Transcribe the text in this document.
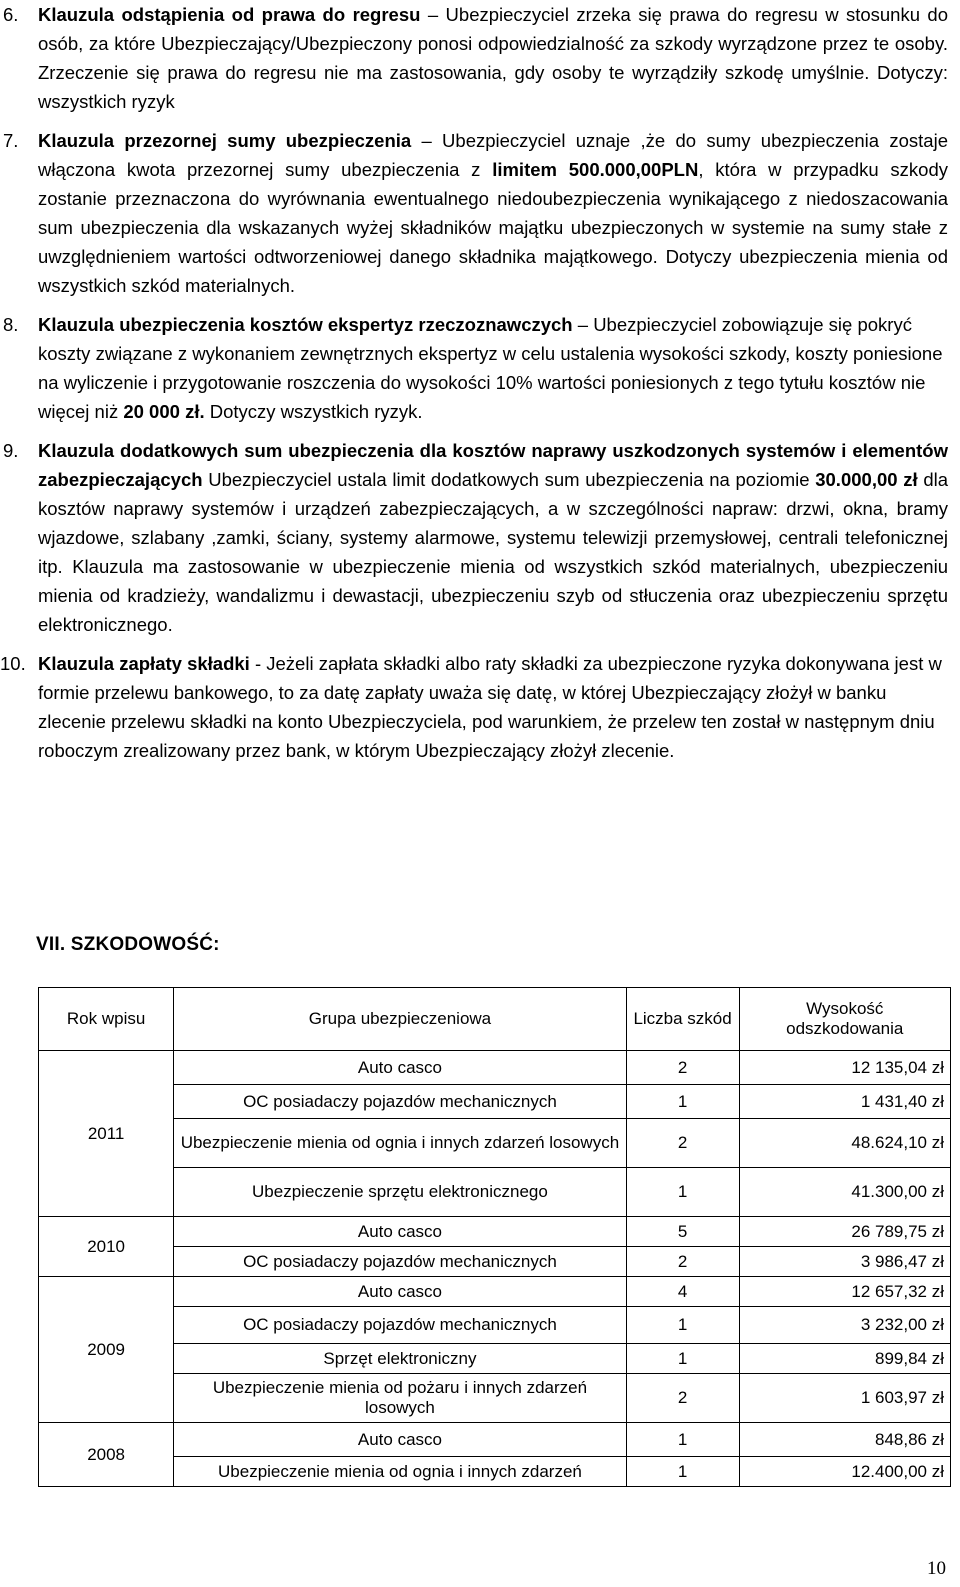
6. Klauzula odstąpienia od prawa do regresu – Ubezpieczyciel zrzeka się prawa do regresu w stosunku do osób, za które Ubezpieczający/Ubezpieczony ponosi odpowiedzialność za szkody wyrządzone przez te osoby. Zrzeczenie się prawa do regresu nie ma zastosowania, gdy osoby te wyrządziły szkodę umyślnie. Dotyczy: wszystkich ryzyk
7. Klauzula przezornej sumy ubezpieczenia – Ubezpieczyciel uznaje ,że do sumy ubezpieczenia zostaje włączona kwota przezornej sumy ubezpieczenia z limitem 500.000,00PLN, która w przypadku szkody zostanie przeznaczona do wyrównania ewentualnego niedoubezpieczenia wynikającego z niedoszacowania sum ubezpieczenia dla wskazanych wyżej składników majątku ubezpieczonych w systemie na sumy stałe z uwzględnieniem wartości odtworzeniowej danego składnika majątkowego. Dotyczy ubezpieczenia mienia od wszystkich szkód materialnych.
8. Klauzula ubezpieczenia kosztów ekspertyz rzeczoznawczych – Ubezpieczyciel zobowiązuje się pokryć koszty związane z wykonaniem zewnętrznych ekspertyz w celu ustalenia wysokości szkody, koszty poniesione na wyliczenie i przygotowanie roszczenia do wysokości 10% wartości poniesionych z tego tytułu kosztów nie więcej niż 20 000 zł. Dotyczy wszystkich ryzyk.
9. Klauzula dodatkowych sum ubezpieczenia dla kosztów naprawy uszkodzonych systemów i elementów zabezpieczających Ubezpieczyciel ustala limit dodatkowych sum ubezpieczenia na poziomie 30.000,00 zł dla kosztów naprawy systemów i urządzeń zabezpieczających, a w szczególności napraw: drzwi, okna, bramy wjazdowe, szlabany ,zamki, ściany, systemy alarmowe, systemu telewizji przemysłowej, centrali telefonicznej itp. Klauzula ma zastosowanie w ubezpieczenie mienia od wszystkich szkód materialnych, ubezpieczeniu mienia od kradzieży, wandalizmu i dewastacji, ubezpieczeniu szyb od stłuczenia oraz ubezpieczeniu sprzętu elektronicznego.
10. Klauzula zapłaty składki - Jeżeli zapłata składki albo raty składki za ubezpieczone ryzyka dokonywana jest w formie przelewu bankowego, to za datę zapłaty uważa się datę, w której Ubezpieczający złożył w banku zlecenie przelewu składki na konto Ubezpieczyciela, pod warunkiem, że przelew ten został w następnym dniu roboczym zrealizowany przez bank, w którym Ubezpieczający złożył zlecenie.
VII. SZKODOWOŚĆ:
Rok wpisu	Grupa ubezpieczeniowa	Liczba szkód	Wysokość odszkodowania
2011	Auto casco	2	12 135,04 zł
	OC posiadaczy pojazdów mechanicznych	1	1 431,40 zł
	Ubezpieczenie mienia od ognia i innych zdarzeń losowych	2	48.624,10 zł
	Ubezpieczenie sprzętu elektronicznego	1	41.300,00 zł
2010	Auto casco	5	26 789,75 zł
	OC posiadaczy pojazdów mechanicznych	2	3 986,47 zł
2009	Auto casco	4	12 657,32 zł
	OC posiadaczy pojazdów mechanicznych	1	3 232,00 zł
	Sprzęt elektroniczny	1	899,84 zł
	Ubezpieczenie mienia od pożaru i innych zdarzeń losowych	2	1 603,97 zł
2008	Auto casco	1	848,86 zł
	Ubezpieczenie mienia od ognia i innych zdarzeń	1	12.400,00 zł
10
